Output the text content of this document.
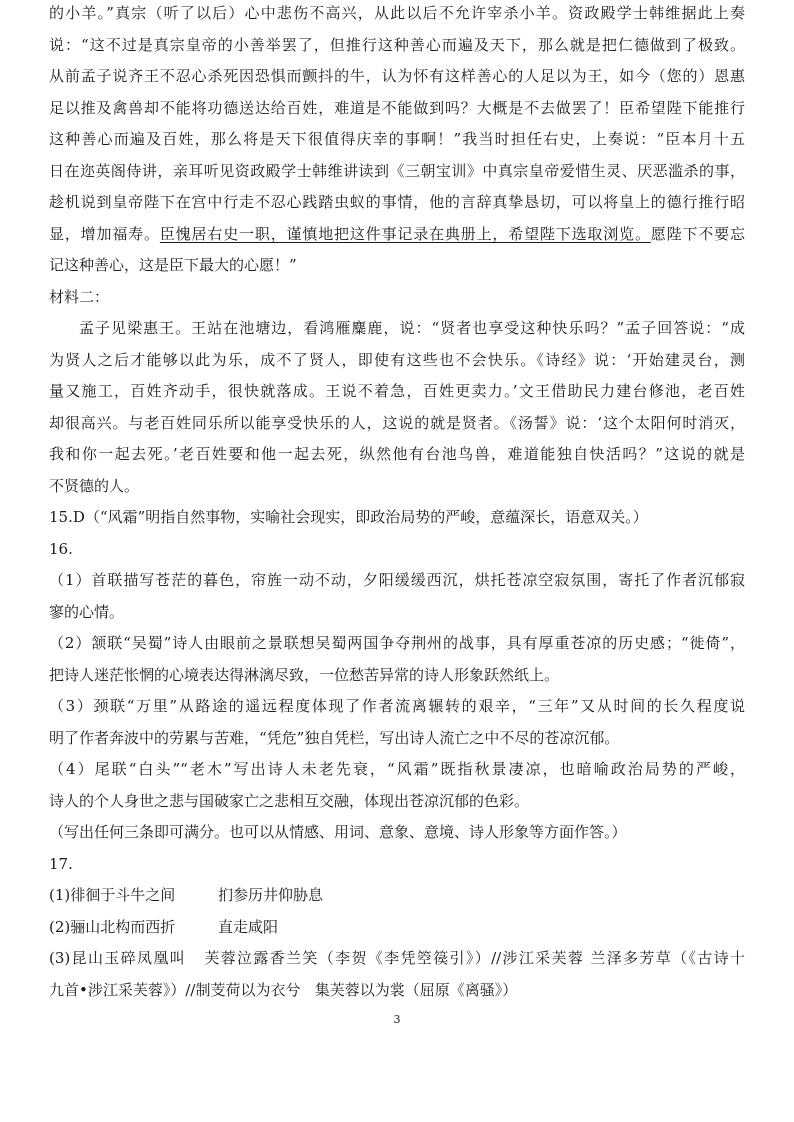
的小羊。”真宗（听了以后）心中悲伤不高兴，从此以后不允许宰杀小羊。资政殿学士韩维据此上奏
说：“这不过是真宗皇帝的小善举罢了，但推行这种善心而遍及天下，那么就是把仁德做到了极致。
从前孟子说齐王不忍心杀死因恐惧而颤抖的牛，认为怀有这样善心的人足以为王，如今（您的）恩惠
足以推及禽兽却不能将功德送达给百姓，难道是不能做到吗？大概是不去做罢了！臣希望陛下能推行
这种善心而遍及百姓，那么将是天下很值得庆幸的事啊！”我当时担任右史，上奏说：“臣本月十五
日在迩英阁侍讲，亲耳听见资政殿学士韩维讲读到《三朝宝训》中真宗皇帝爱惜生灵、厌恶滥杀的事，
趁机说到皇帝陛下在宫中行走不忍心践踏虫蚁的事情，他的言辞真挚恳切，可以将皇上的德行推行昭
显，增加福寿。臣愧居右史一职，谨慎地把这件事记录在典册上，希望陛下选取浏览。愿陛下不要忘
记这种善心，这是臣下最大的心愿！”
材料二：
孟子见梁惠王。王站在池塘边，看鸿雁麋鹿，说：“贤者也享受这种快乐吗？”孟子回答说：“成
为贤人之后才能够以此为乐，成不了贤人，即使有这些也不会快乐。《诗经》说：‘开始建灵台，测
量又施工，百姓齐动手，很快就落成。王说不着急，百姓更卖力。’文王借助民力建台修池，老百姓
却很高兴。与老百姓同乐所以能享受快乐的人，这说的就是贤者。《汤誓》说：‘这个太阳何时消灭，
我和你一起去死。’老百姓要和他一起去死，纵然他有台池鸟兽，难道能独自快活吗？”这说的就是
不贤德的人。
15.D（“风霜”明指自然事物，实喻社会现实，即政治局势的严峻，意蕴深长，语意双关。）
16.
（1）首联描写苍茫的暮色，帘旌一动不动，夕阳缓缓西沉，烘托苍凉空寂氛围，寄托了作者沉郁寂
寥的心情。
（2）颔联“吴蜀”诗人由眼前之景联想吴蜀两国争夺荆州的战事，具有厚重苍凉的历史感；“徙倚”，
把诗人迷茫怅惘的心境表达得淋漓尽致，一位愁苦异常的诗人形象跃然纸上。
（3）颈联“万里”从路途的遥远程度体现了作者流离辗转的艰辛，“三年”又从时间的长久程度说
明了作者奔波中的劳累与苦难，“凭危”独自凭栏，写出诗人流亡之中不尽的苍凉沉郁。
（4）尾联“白头”“老木”写出诗人未老先衰，“风霜”既指秋景凄凉，也暗喻政治局势的严峻，
诗人的个人身世之悲与国破家亡之悲相互交融，体现出苍凉沉郁的色彩。
（写出任何三条即可满分。也可以从情感、用词、意象、意境、诗人形象等方面作答。）
17.
(1)徘徊于斗牛之间	扪参历井仰胁息
(2)骊山北构而西折	直走咸阳
(3)昆山玉碎凤凰叫   芙蓉泣露香兰笑（李贺《李凭箜篌引》）//涉江采芙蓉 兰泽多芳草（《古诗十
九首•涉江采芙蓉》）//制芰荷以为衣兮   集芙蓉以为裳（屈原《离骚》）
3
